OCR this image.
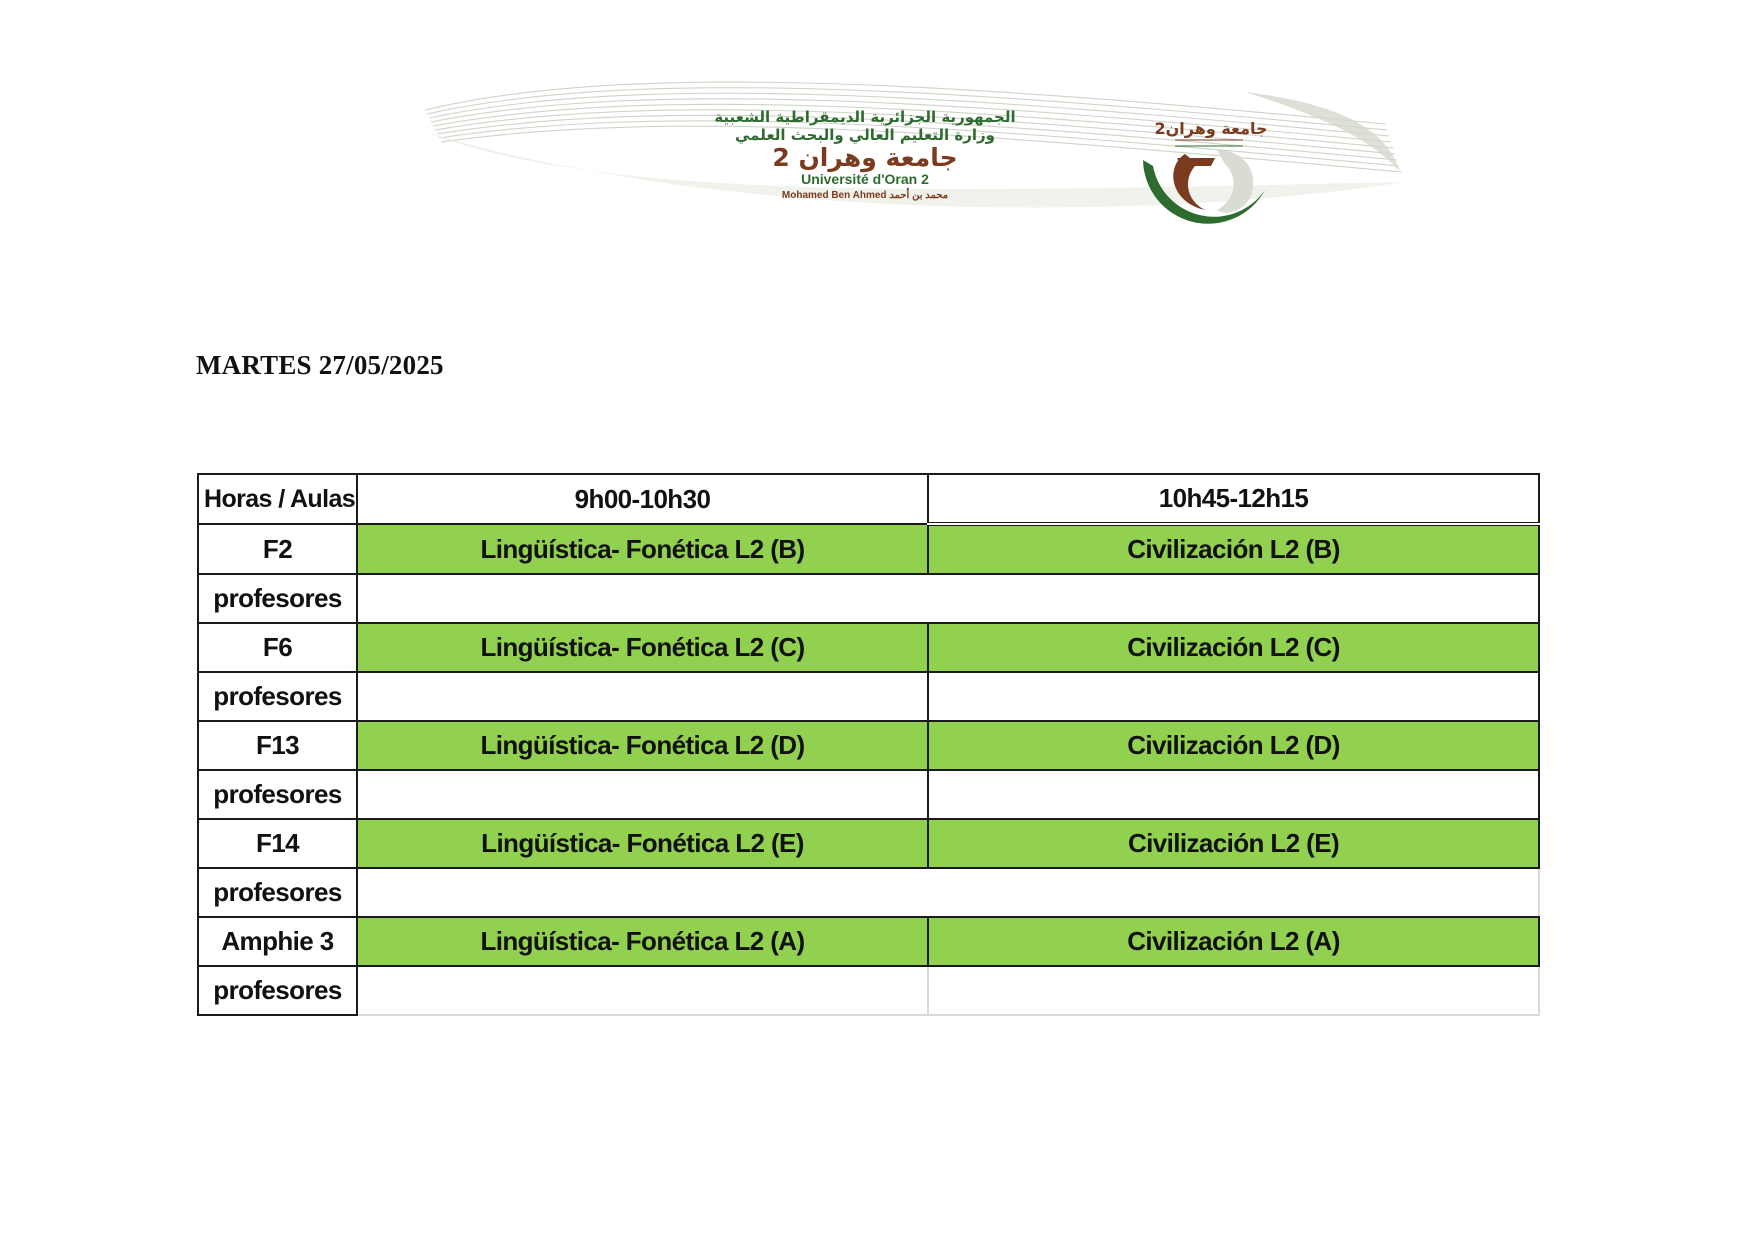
الجمهورية الجزائرية الديمقراطية الشعبية
وزارة التعليم العالي والبحث العلمي
جامعة وهران 2
Université d'Oran 2
Mohamed Ben Ahmed محمد بن أحمد
جامعة وهران2
MARTES 27/05/2025
Horas / Aulas	9h00-10h30	10h45-12h15
F2	Lingüística- Fonética L2 (B)	Civilización L2 (B)
profesores		
F6	Lingüística- Fonética L2 (C)	Civilización L2 (C)
profesores		
F13	Lingüística- Fonética L2 (D)	Civilización L2 (D)
profesores		
F14	Lingüística- Fonética L2 (E)	Civilización L2 (E)
profesores		
Amphie 3	Lingüística- Fonética L2 (A)	Civilización L2 (A)
profesores		
